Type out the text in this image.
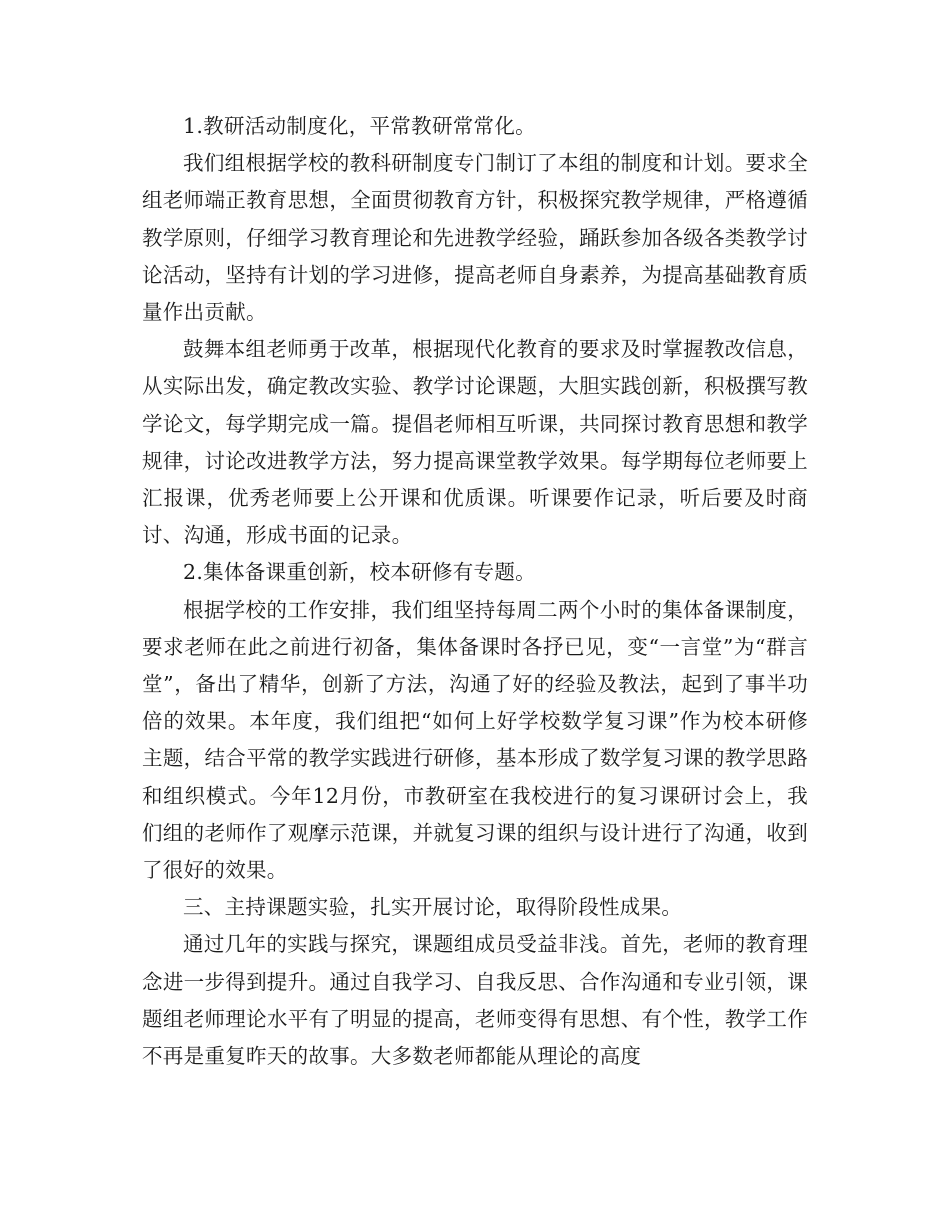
1.教研活动制度化，平常教研常常化。

我们组根据学校的教科研制度专门制订了本组的制度和计划。要求全组老师端正教育思想，全面贯彻教育方针，积极探究教学规律，严格遵循教学原则，仔细学习教育理论和先进教学经验，踊跃参加各级各类教学讨论活动，坚持有计划的学习进修，提高老师自身素养，为提高基础教育质量作出贡献。

鼓舞本组老师勇于改革，根据现代化教育的要求及时掌握教改信息，从实际出发，确定教改实验、教学讨论课题，大胆实践创新，积极撰写教学论文，每学期完成一篇。提倡老师相互听课，共同探讨教育思想和教学规律，讨论改进教学方法，努力提高课堂教学效果。每学期每位老师要上汇报课，优秀老师要上公开课和优质课。听课要作记录，听后要及时商讨、沟通，形成书面的记录。

2.集体备课重创新，校本研修有专题。

根据学校的工作安排，我们组坚持每周二两个小时的集体备课制度，要求老师在此之前进行初备，集体备课时各抒已见，变“一言堂”为“群言堂”，备出了精华，创新了方法，沟通了好的经验及教法，起到了事半功倍的效果。本年度，我们组把“如何上好学校数学复习课”作为校本研修主题，结合平常的教学实践进行研修，基本形成了数学复习课的教学思路和组织模式。今年12月份，市教研室在我校进行的复习课研讨会上，我们组的老师作了观摩示范课，并就复习课的组织与设计进行了沟通，收到了很好的效果。

三、主持课题实验，扎实开展讨论，取得阶段性成果。

通过几年的实践与探究，课题组成员受益非浅。首先，老师的教育理念进一步得到提升。通过自我学习、自我反思、合作沟通和专业引领，课题组老师理论水平有了明显的提高，老师变得有思想、有个性，教学工作不再是重复昨天的故事。大多数老师都能从理论的高度
